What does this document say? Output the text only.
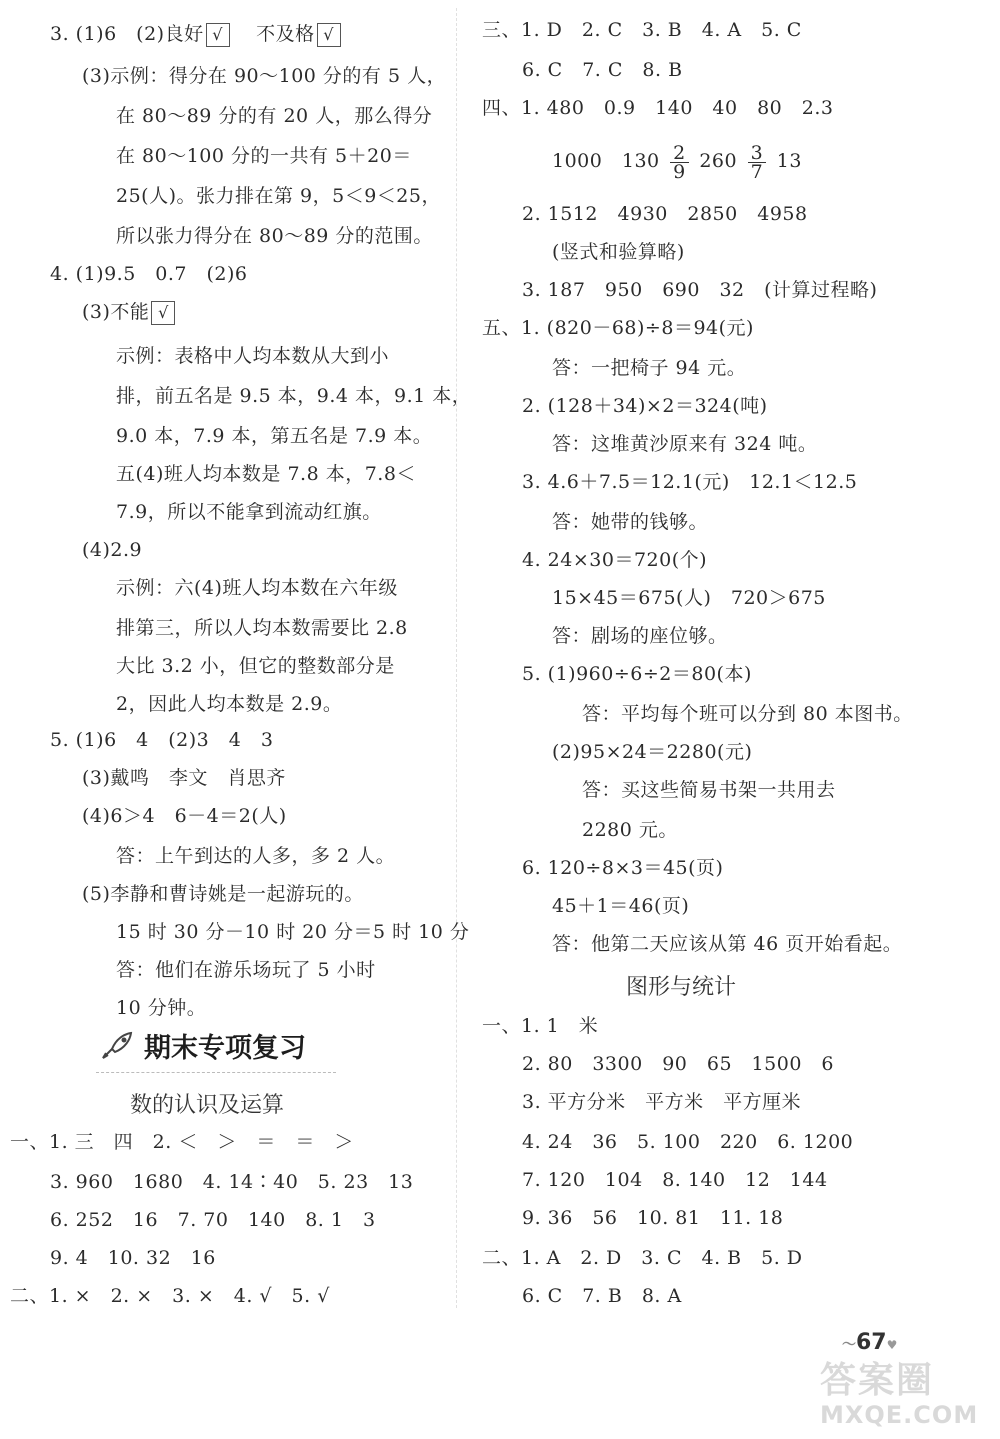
3. (1)6　(2)良好 √ 不及格 √
(3)示例：得分在 90～100 分的有 5 人，
在 80～89 分的有 20 人，那么得分
在 80～100 分的一共有 5＋20＝
25(人)。张力排在第 9，5＜9＜25，
所以张力得分在 80～89 分的范围。
4. (1)9.5　0.7　(2)6
(3)不能 √
示例：表格中人均本数从大到小
排，前五名是 9.5 本，9.4 本，9.1 本，
9.0 本，7.9 本，第五名是 7.9 本。
五(4)班人均本数是 7.8 本，7.8＜
7.9，所以不能拿到流动红旗。
(4)2.9
示例：六(4)班人均本数在六年级
排第三，所以人均本数需要比 2.8
大比 3.2 小，但它的整数部分是
2，因此人均本数是 2.9。
5. (1)6　4　(2)3　4　3
(3)戴鸣　李文　肖思齐
(4)6＞4　6－4＝2(人)
答：上午到达的人多，多 2 人。
(5)李静和曹诗姚是一起游玩的。
15 时 30 分－10 时 20 分＝5 时 10 分
答：他们在游乐场玩了 5 小时
10 分钟。
期末专项复习
数的认识及运算
一、1. 三　四　2. ＜　＞　＝　＝　＞
3. 960　1680　4. 14∶40　5. 23　13
6. 252　16　7. 70　140　8. 1　3
9. 4　10. 32　16
二、1. ×　2. ×　3. ×　4. √　5. √
三、1. D　2. C　3. B　4. A　5. C
6. C　7. C　8. B
四、1. 480　0.9　140　40　80　2.3
1000　$130 \frac{2}{9} 260 \frac{3}{7} 13$
2. 1512　4930　2850　4958
(竖式和验算略)
3. 187　950　690　32　(计算过程略)
五、1. (820－68)÷8＝94(元)
答：一把椅子 94 元。
2. (128＋34)×2＝324(吨)
答：这堆黄沙原来有 324 吨。
3. 4.6＋7.5＝12.1(元)　12.1＜12.5
答：她带的钱够。
4. 24×30＝720(个)
15×45＝675(人)　720＞675
答：剧场的座位够。
5. (1)960÷6÷2＝80(本)
答：平均每个班可以分到 80 本图书。
(2)95×24＝2280(元)
答：买这些简易书架一共用去
2280 元。
6. 120÷8×3＝45(页)
45＋1＝46(页)
答：他第二天应该从第 46 页开始看起。
图形与统计
一、1. 1　米
2. 80　3300　90　65　1500　6
3. 平方分米　平方米　平方厘米
4. 24　36　5. 100　220　6. 1200
7. 120　104　8. 140　12　144
9. 36　56　10. 81　11. 18
二、1. A　2. D　3. C　4. B　5. D
6. C　7. B　8. A
〜67♥
答案圈
MXQE.COM
